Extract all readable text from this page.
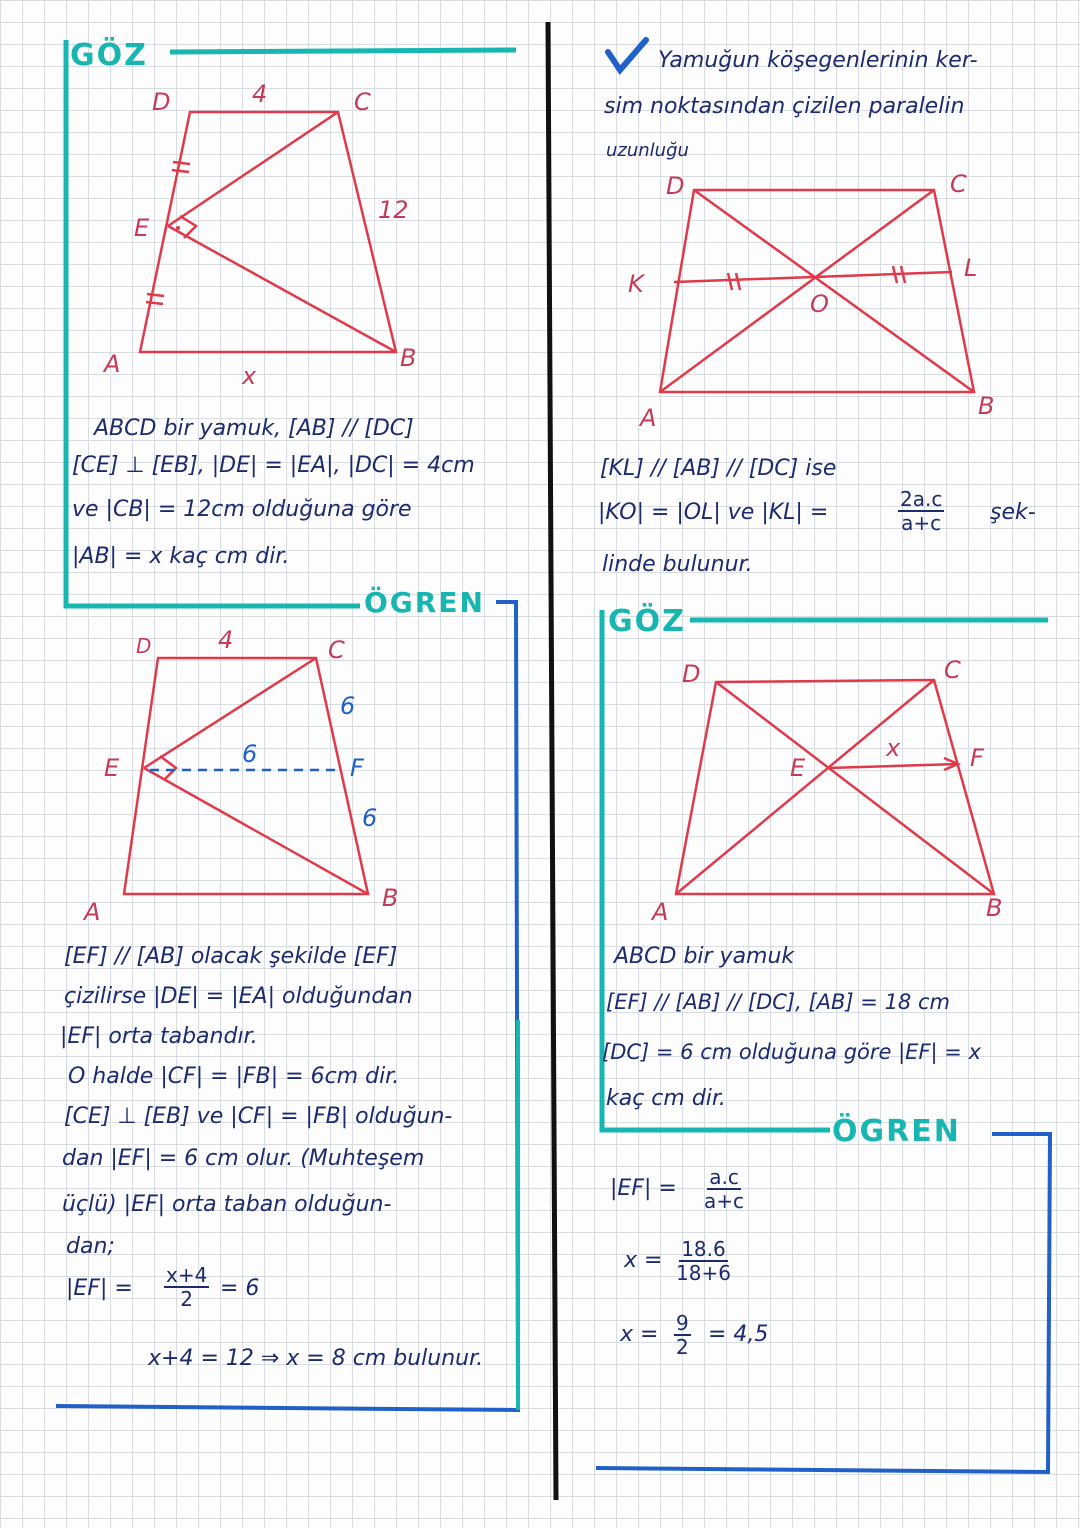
GÖZ
D	4	C
12
E
A	B
x
ABCD bir yamuk, [AB] // [DC]
[CE] ⊥ [EB], |DE| = |EA|, |DC| = 4cm
ve |CB| = 12cm olduğuna göre
|AB| = x kaç cm dir.
ÖGREN
D	4	C
6
E	6	F
6
A	B
[EF] // [AB] olacak şekilde [EF]
çizilirse |DE| = |EA| olduğundan
|EF| orta tabandır.
O halde |CF| = |FB| = 6cm dir.
[CE] ⊥ [EB] ve |CF| = |FB| olduğun-
dan |EF| = 6 cm olur. (Muhteşem
üçlü) |EF| orta taban olduğun-
dan;
$|EF| = \frac{x+4}{2} = 6$
x+4 = 12 ⇒ x = 8 cm bulunur.
Yamuğun köşegenlerinin ker-
sim noktasından çizilen paralelin
uzunluğu
D	C
K
L
O
A	B
[KL] // [AB] // [DC] ise
|KO| = |OL| ve |KL| =	$\frac{2a.c}{a+c}$ şek-
linde bulunur.
GÖZ
D	C
E
x	F
A	B
ABCD bir yamuk
[EF] // [AB] // [DC], [AB] = 18 cm
[DC] = 6 cm olduğuna göre |EF| = x
kaç cm dir.
ÖGREN
$|EF| = \frac{a.c}{a+c}$
$x = \frac{18.6}{18+6}$
$x = \frac{9}{2} = 4,5$
